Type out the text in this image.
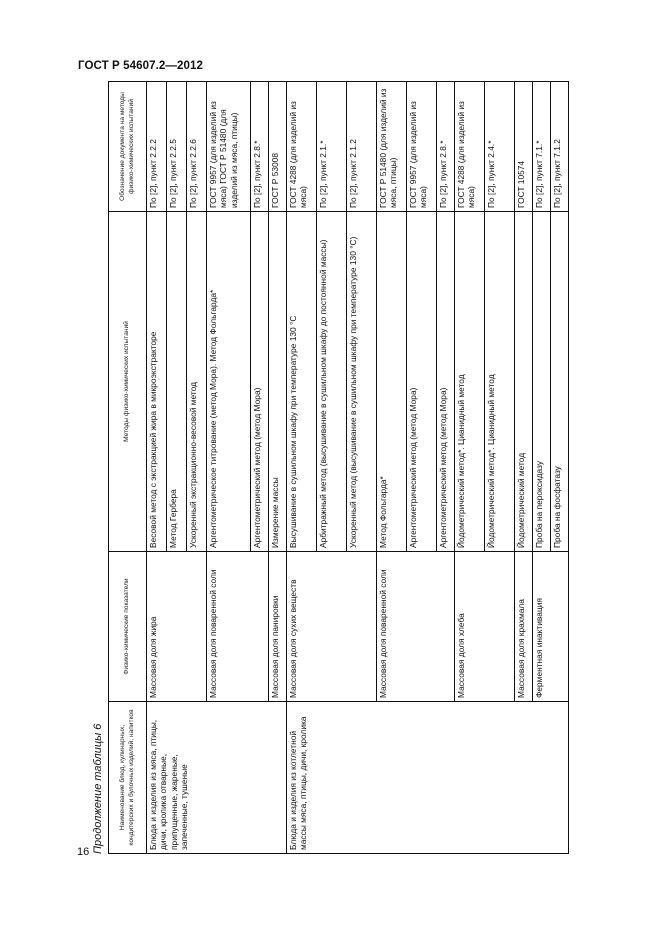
ГОСТ Р 54607.2—2012
Продолжение таблицы 6 Наименование блюд, кулинарных, кондитерских и булочных изделий, напитков	Физико-химические показатели	Методы физико-химических испытаний	Обозначение документа на методы физико-химических испытаний
Блюда и изделия из мяса, птицы, дичи, кролика отварные, припущенные, жареные, запеченные, тушеные	Массовая доля жира	Весовой метод с экстракцией жира в микроэкстракторе	По [2], пункт 2.2.2
		Метод Гербера	По [2], пункт 2.2.5
		Ускоренный экстракционно-весовой метод	По [2], пункт 2.2.6
	Массовая доля поваренной соли	Аргентометрическое титрование (метод Мора). Метод Фольгарда*	ГОСТ 9957 (для изделий из мяса) ГОСТ Р 51480 (для изделий из мяса, птицы)
		Аргентометрический метод (метод Мора)	По [2], пункт 2.8.*
	Массовая доля панировки	Измерение массы	ГОСТ Р 53008
Блюда и изделия из котлетной массы мяса, птицы, дичи, кролика	Массовая доля сухих веществ	Высушивание в сушильном шкафу при температуре 130 °С	ГОСТ 4288 (для изделий из мяса)
		Арбитражный метод (высушивание в сушильном шкафу до постоянной массы)	По [2], пункт 2.1.*
		Ускоренный метод (высушивание в сушильном шкафу при температуре 130 °С)	По [2], пункт 2.1.2
	Массовая доля поваренной соли	Метод Фольгарда*	ГОСТ Р 51480 (для изделий из мяса, птицы)
		Аргентометрический метод (метод Мора)	ГОСТ 9957 (для изделий из мяса)
		Аргентометрический метод (метод Мора)	По [2], пункт 2.8.*
	Массовая доля хлеба	Йодометрический метод*. Цианидный метод	ГОСТ 4288 (для изделий из мяса)
		Йодометрический метод*. Цианидный метод	По [2], пункт 2.4.*
	Массовая доля крахмала	Йодометрический метод	ГОСТ 10574
	Ферментная инактивация	Проба на пероксидазу	По [2], пункт 7.1.*
		Проба на фосфатазу	По [2], пункт 7.1.2
16
